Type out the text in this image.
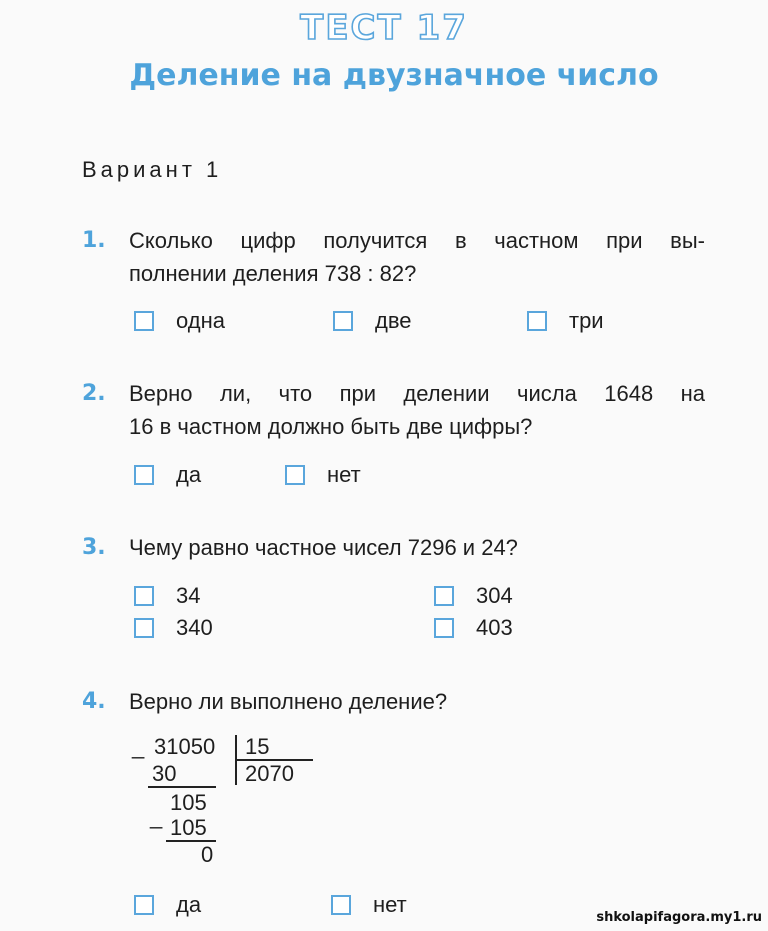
ТЕСТ 17
Деление на двузначное число
Вариант 1
1. Сколько цифр получится в частном при вы-
полнении деления 738 : 82?
одна	две	три
2. Верно ли, что при делении числа 1648 на
16 в частном должно быть две цифры?
да	нет
3. Чему равно частное чисел 7296 и 24?
34	304
340	403
4. Верно ли выполнено деление?
_ 31050 15
30	2070
105
_ 105
0
да	нет
shkolapifagora.my1.ru
